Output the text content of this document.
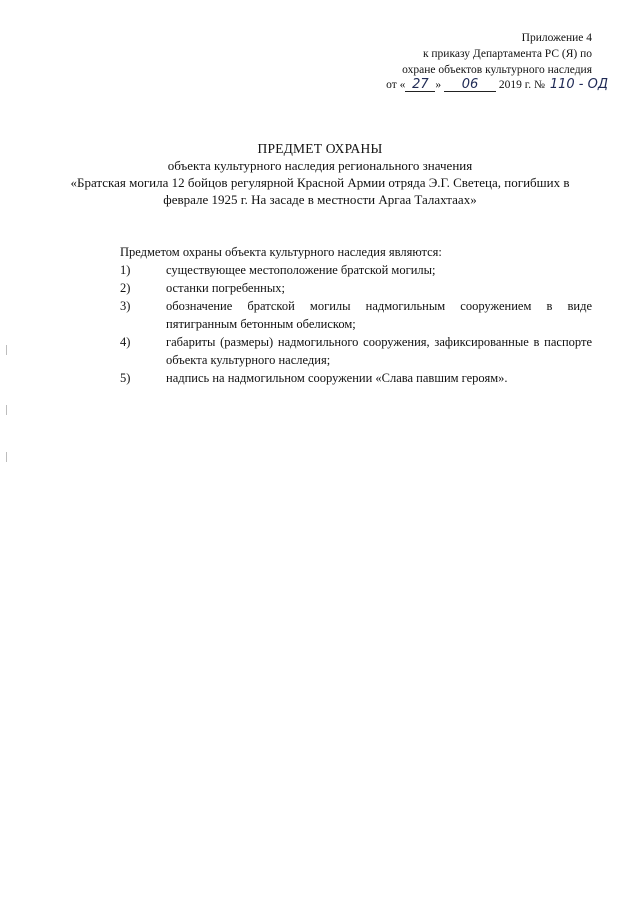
Приложение 4
к приказу Департамента РС (Я) по
охране объектов культурного наследия
от « 27 » 06 2019 г. № 110 - ОД
ПРЕДМЕТ ОХРАНЫ
объекта культурного наследия регионального значения
«Братская могила 12 бойцов регулярной Красной Армии отряда Э.Г. Светеца, погибших в
феврале 1925 г. На засаде в местности Аргаа Талахтаах»

Предметом охраны объекта культурного наследия являются:

1)	существующее местоположение братской могилы;
2)	останки погребенных;
3)	обозначение братской могилы надмогильным сооружением в виде пятигранным бетонным обелиском;
4)	габариты (размеры) надмогильного сооружения, зафиксированные в паспорте объекта культурного наследия;
5)	надпись на надмогильном сооружении «Слава павшим героям».
